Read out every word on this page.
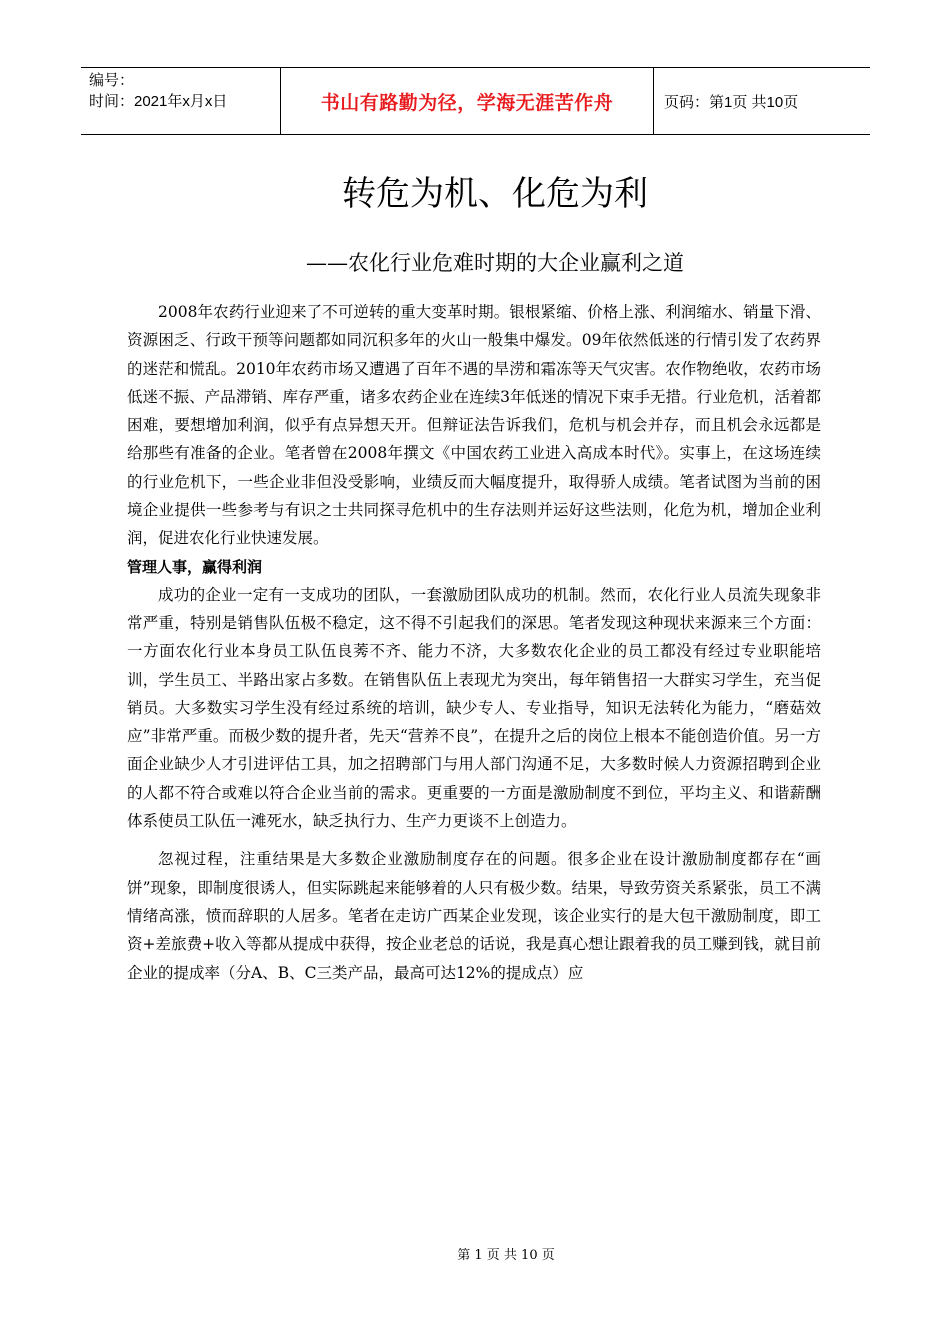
编号：
时间：2021年x月x日	书山有路勤为径，学海无涯苦作舟	页码：第1页 共10页
转危为机、化危为利
——农化行业危难时期的大企业赢利之道

2008年农药行业迎来了不可逆转的重大变革时期。银根紧缩、价格上涨、利润缩水、销量下滑、资源困乏、行政干预等问题都如同沉积多年的火山一般集中爆发。09年依然低迷的行情引发了农药界的迷茫和慌乱。2010年农药市场又遭遇了百年不遇的旱涝和霜冻等天气灾害。农作物绝收，农药市场低迷不振、产品滞销、库存严重，诸多农药企业在连续3年低迷的情况下束手无措。行业危机，活着都困难，要想增加利润，似乎有点异想天开。但辩证法告诉我们，危机与机会并存，而且机会永远都是给那些有准备的企业。笔者曾在2008年撰文《中国农药工业进入高成本时代》。实事上，在这场连续的行业危机下，一些企业非但没受影响，业绩反而大幅度提升，取得骄人成绩。笔者试图为当前的困境企业提供一些参考与有识之士共同探寻危机中的生存法则并运好这些法则，化危为机，增加企业利润，促进农化行业快速发展。

管理人事，赢得利润

成功的企业一定有一支成功的团队，一套激励团队成功的机制。然而，农化行业人员流失现象非常严重，特别是销售队伍极不稳定，这不得不引起我们的深思。笔者发现这种现状来源来三个方面：一方面农化行业本身员工队伍良莠不齐、能力不济，大多数农化企业的员工都没有经过专业职能培训，学生员工、半路出家占多数。在销售队伍上表现尤为突出，每年销售招一大群实习学生，充当促销员。大多数实习学生没有经过系统的培训，缺少专人、专业指导，知识无法转化为能力，“磨菇效应”非常严重。而极少数的提升者，先天“营养不良”，在提升之后的岗位上根本不能创造价值。另一方面企业缺少人才引进评估工具，加之招聘部门与用人部门沟通不足，大多数时候人力资源招聘到企业的人都不符合或难以符合企业当前的需求。更重要的一方面是激励制度不到位，平均主义、和谐薪酬体系使员工队伍一滩死水，缺乏执行力、生产力更谈不上创造力。

忽视过程，注重结果是大多数企业激励制度存在的问题。很多企业在设计激励制度都存在“画饼”现象，即制度很诱人，但实际跳起来能够着的人只有极少数。结果，导致劳资关系紧张，员工不满情绪高涨，愤而辞职的人居多。笔者在走访广西某企业发现，该企业实行的是大包干激励制度，即工资+差旅费+收入等都从提成中获得，按企业老总的话说，我是真心想让跟着我的员工赚到钱，就目前企业的提成率（分A、B、C三类产品，最高可达12%的提成点）应

第 1 页 共 10 页
